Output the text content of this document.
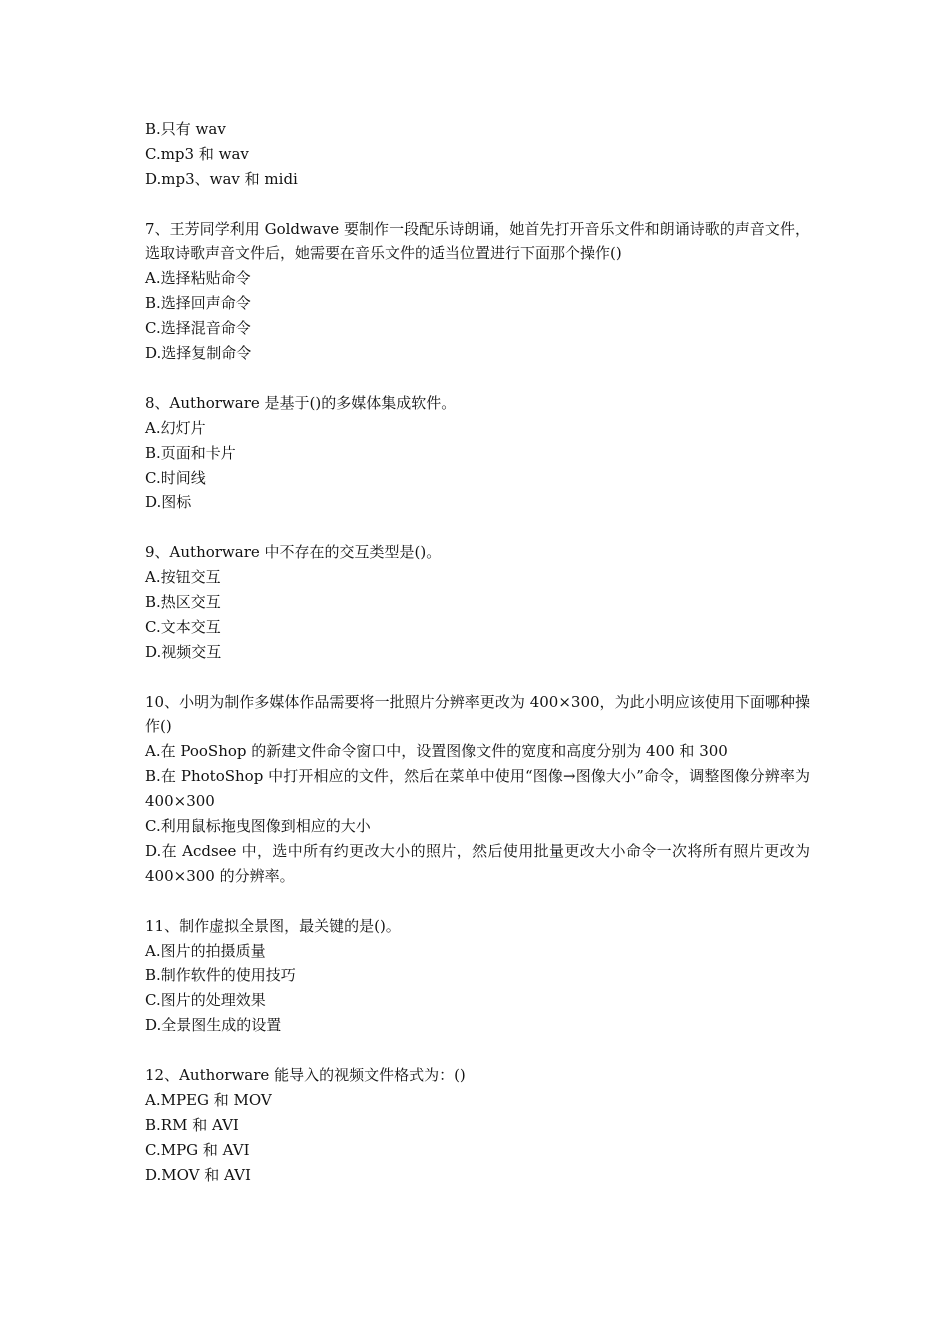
B.只有 wav
C.mp3 和 wav
D.mp3、wav 和 midi
7、王芳同学利用 Goldwave 要制作一段配乐诗朗诵，她首先打开音乐文件和朗诵诗歌的声音文件，选取诗歌声音文件后，她需要在音乐文件的适当位置进行下面那个操作()
A.选择粘贴命令
B.选择回声命令
C.选择混音命令
D.选择复制命令
8、Authorware 是基于()的多媒体集成软件。
A.幻灯片
B.页面和卡片
C.时间线
D.图标
9、Authorware 中不存在的交互类型是()。
A.按钮交互
B.热区交互
C.文本交互
D.视频交互
10、小明为制作多媒体作品需要将一批照片分辨率更改为 400×300，为此小明应该使用下面哪种操作()
A.在 PooShop 的新建文件命令窗口中，设置图像文件的宽度和高度分别为 400 和 300
B.在 PhotoShop 中打开相应的文件，然后在菜单中使用“图像→图像大小”命令，调整图像分辨率为 400×300
C.利用鼠标拖曳图像到相应的大小
D.在 Acdsee 中，选中所有约更改大小的照片，然后使用批量更改大小命令一次将所有照片更改为 400×300 的分辨率。
11、制作虚拟全景图，最关键的是()。
A.图片的拍摄质量
B.制作软件的使用技巧
C.图片的处理效果
D.全景图生成的设置
12、Authorware 能导入的视频文件格式为：()
A.MPEG 和 MOV
B.RM 和 AVI
C.MPG 和 AVI
D.MOV 和 AVI
